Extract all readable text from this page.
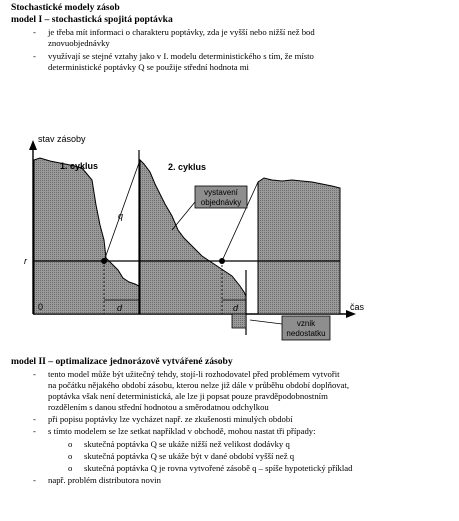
Stochastické modely zásob
model I – stochastická spojitá poptávka
- je třeba mít informaci o charakteru poptávky, zda je vyšší nebo nižší než bod
znovuobjednávky
- využívají se stejné vztahy jako v I. modelu deterministického s tím, že místo
deterministické poptávky Q se použije střední hodnota mi
stav zásoby
1. cyklus	2. cyklus
q
r
0	d	d	čas
vystavení
objednávky
vznik
nedostatku
model II – optimalizace jednorázově vytvářené zásoby
- tento model může být užitečný tehdy, stojí-li rozhodovatel před problémem vytvořit
na počátku nějakého období zásobu, kterou nelze již dále v průběhu období doplňovat,
poptávka však není deterministická, ale lze ji popsat pouze pravděpodobnostním
rozdělením s danou střední hodnotou a směrodatnou odchylkou
- při popisu poptávky lze vycházet např. ze zkušenosti minulých období
- s tímto modelem se lze setkat například v obchodě, mohou nastat tři případy:
o skutečná poptávka Q se ukáže nižší než velikost dodávky q
o skutečná poptávka Q se ukáže být v dané období vyšší než q
o skutečná poptávka Q je rovna vytvořené zásobě q – spíše hypotetický příklad
- např. problém distributora novin
